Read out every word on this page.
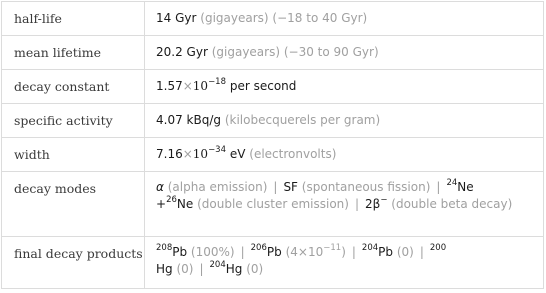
half-life	14 Gyr (gigayears) (−18 to 40 Gyr)
mean lifetime	20.2 Gyr (gigayears) (−30 to 90 Gyr)
decay constant	$1.57\times 10^{-18}$ per second
specific activity	4.07 kBq/g (kilobecquerels per gram)
width	$7.16\times 10^{-34}$ eV (electronvolts)
decay modes	α (alpha emission) | SF (spontaneous fission) | $^{24}$Ne
+$^{26}$Ne (double cluster emission) | 2β− (double beta decay)
final decay products	$^{208}$Pb (100%) | $^{206}$Pb $(4\times 10^{-11})$ | $^{204}$Pb (0) | $^{200}$
Hg (0) | $^{204}$Hg (0)
